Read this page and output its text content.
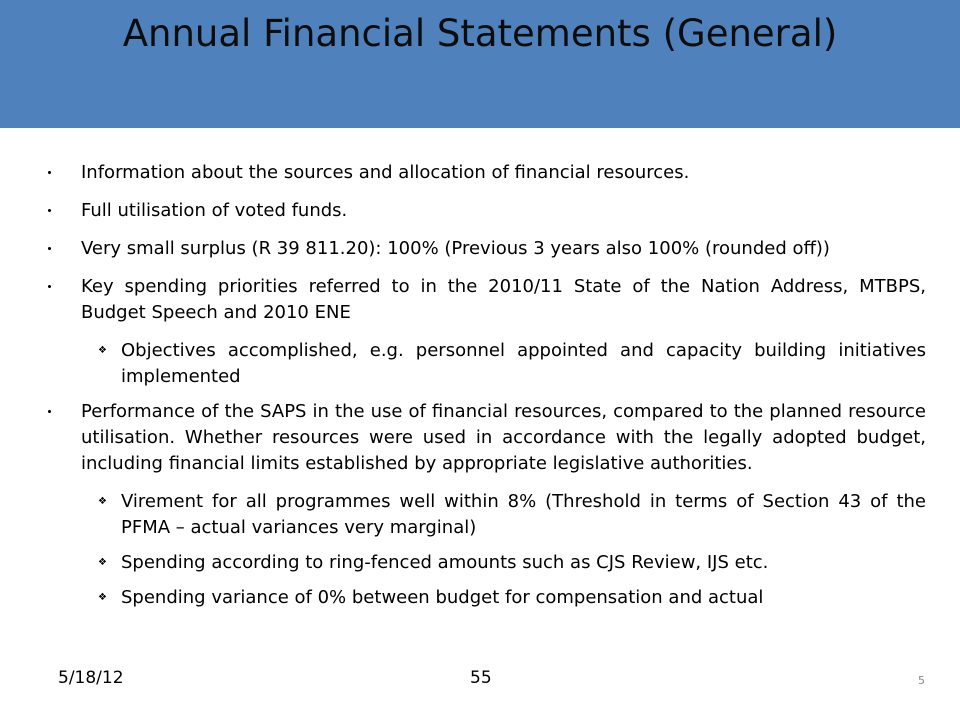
Annual Financial Statements (General)
Information about the sources and allocation of financial resources.
Full utilisation of voted funds.
Very small surplus (R 39 811.20): 100% (Previous 3 years also 100% (rounded off))
Key spending priorities referred to in the 2010/11 State of the Nation Address, MTBPS, Budget Speech and 2010 ENE
❖ Objectives accomplished, e.g. personnel appointed and capacity building initiatives implemented
Performance of the SAPS in the use of financial resources, compared to the planned resource utilisation. Whether resources were used in accordance with the legally adopted budget, including financial limits established by appropriate legislative authorities.
❖ Virement for all programmes well within 8% (Threshold in terms of Section 43 of the PFMA – actual variances very marginal)
❖ Spending according to ring-fenced amounts such as CJS Review, IJS etc.
❖ Spending variance of 0% between budget for compensation and actual
5/18/12	55	5
